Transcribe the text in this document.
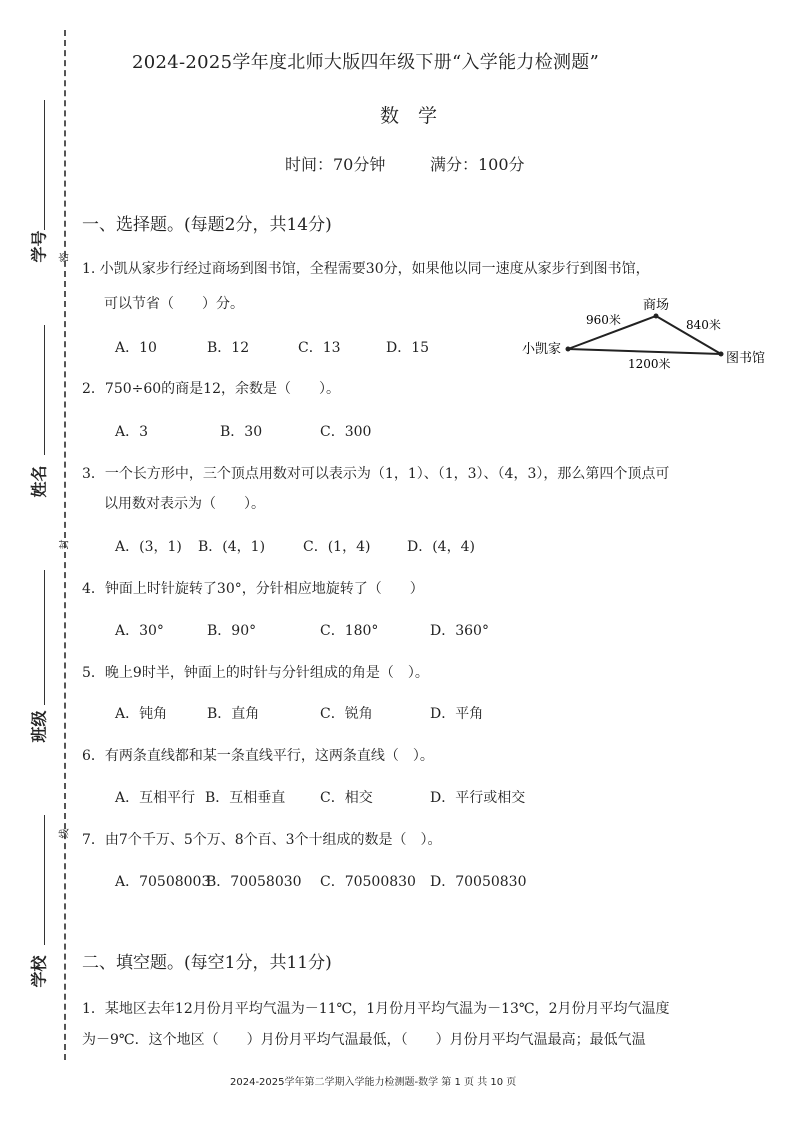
学号	密
姓名
封
班级
线
学校
2024-2025学年度北师大版四年级下册“入学能力检测题”
数　学
时间：70分钟	满分：100分
一、选择题。(每题2分，共14分)
1. 小凯从家步行经过商场到图书馆，全程需要30分，如果他以同一速度从家步行到图书馆，
可以节省（　　）分。
A．10	B．12	C．13	D．15	小凯家
商场
图书馆
960米	840米
1200米
2．750÷60的商是12，余数是（　　）。
A．3	B．30	C．300
3．一个长方形中，三个顶点用数对可以表示为（1，1）、（1，3）、（4，3），那么第四个顶点可
以用数对表示为（　　）。
A．(3，1) B．(4，1)	C．(1，4)	D．(4，4)
4．钟面上时针旋转了30°，分针相应地旋转了（　　）
A．30°	B．90°	C．180°	D．360°
5．晚上9时半，钟面上的时针与分针组成的角是（　）。
A．钝角	B．直角	C．锐角	D．平角
6．有两条直线都和某一条直线平行，这两条直线（　）。
A．互相平行 B．互相垂直 C．相交	D．平行或相交
7．由7个千万、5个万、8个百、3个十组成的数是（　）。
A．70508003
B．70058030 C．70500830 D．70050830
二、填空题。(每空1分，共11分)
1．某地区去年12月份月平均气温为－11℃，1月份月平均气温为－13℃，2月份月平均气温度
为－9℃．这个地区（　　）月份月平均气温最低，（　　）月份月平均气温最高；最低气温
2024-2025学年第二学期入学能力检测题-数学 第 1 页 共 10 页
